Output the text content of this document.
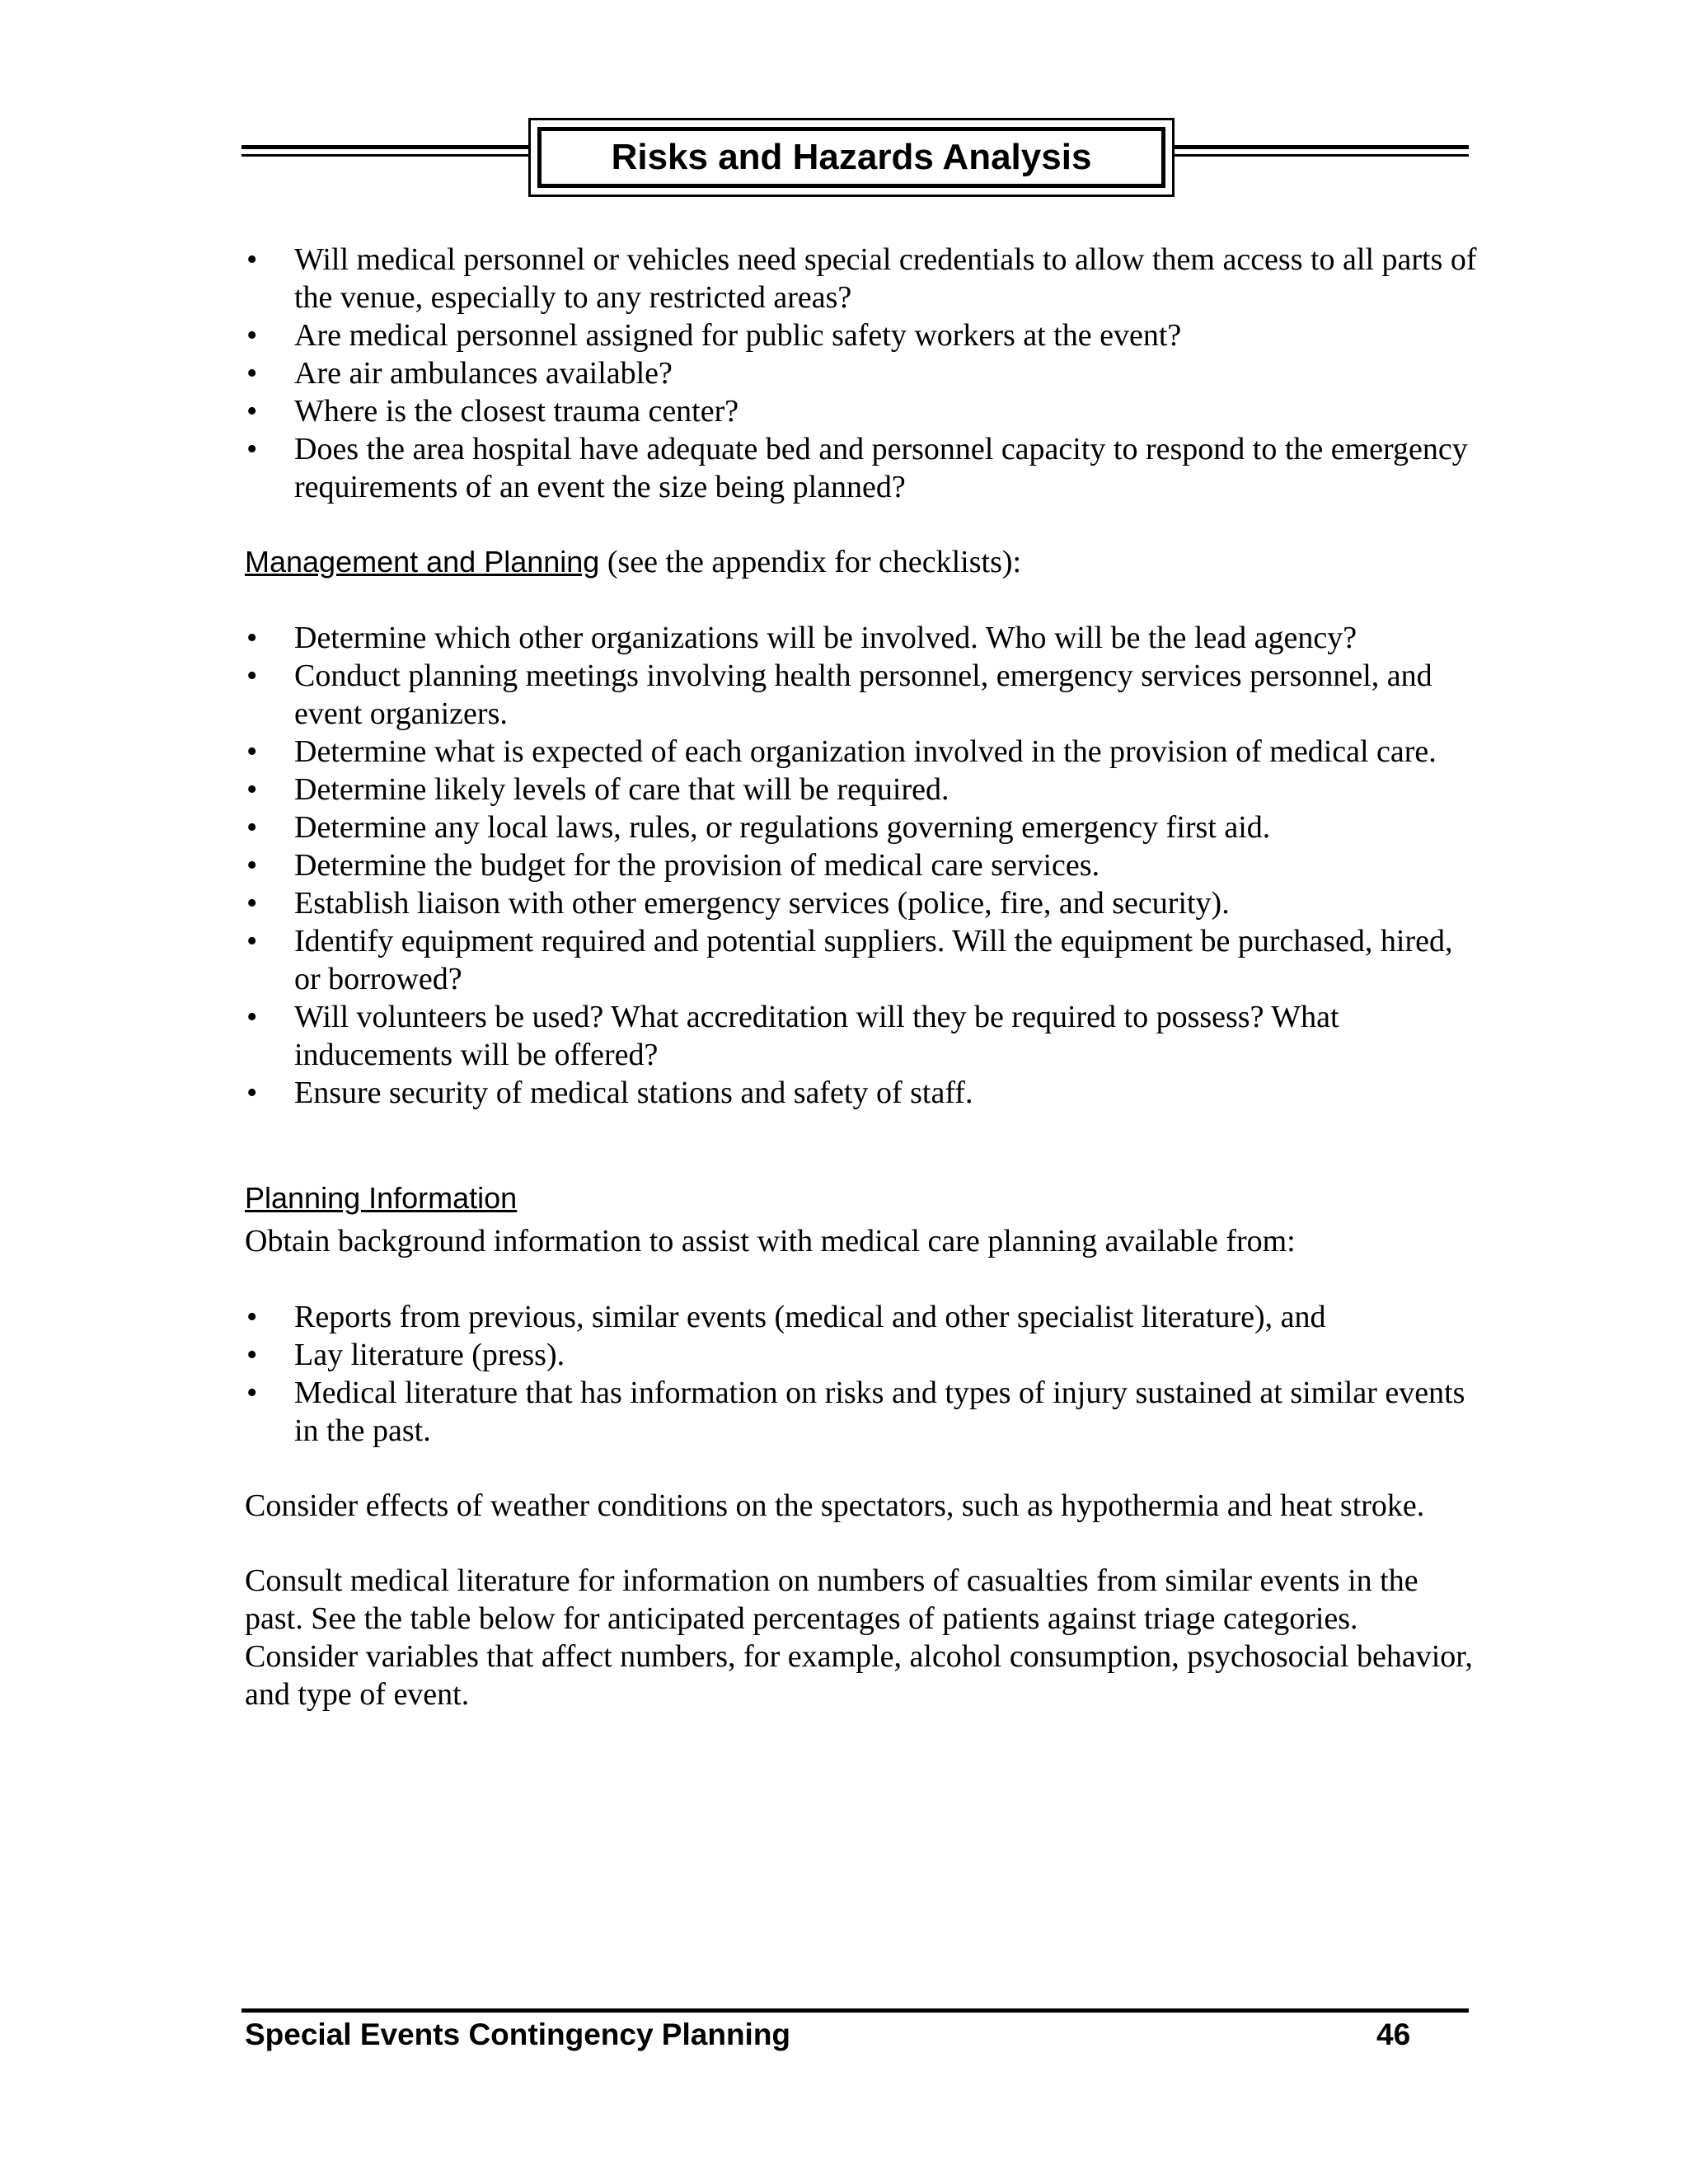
Risks and Hazards Analysis
• Will medical personnel or vehicles need special credentials to allow them access to all parts of the venue, especially to any restricted areas?
• Are medical personnel assigned for public safety workers at the event?
• Are air ambulances available?
• Where is the closest trauma center?
• Does the area hospital have adequate bed and personnel capacity to respond to the emergency requirements of an event the size being planned?

Management and Planning (see the appendix for checklists):

• Determine which other organizations will be involved. Who will be the lead agency?
• Conduct planning meetings involving health personnel, emergency services personnel, and event organizers.
• Determine what is expected of each organization involved in the provision of medical care.
• Determine likely levels of care that will be required.
• Determine any local laws, rules, or regulations governing emergency first aid.
• Determine the budget for the provision of medical care services.
• Establish liaison with other emergency services (police, fire, and security).
• Identify equipment required and potential suppliers. Will the equipment be purchased, hired, or borrowed?
• Will volunteers be used? What accreditation will they be required to possess? What inducements will be offered?
• Ensure security of medical stations and safety of staff.

Planning Information

Obtain background information to assist with medical care planning available from:

• Reports from previous, similar events (medical and other specialist literature), and
• Lay literature (press).
• Medical literature that has information on risks and types of injury sustained at similar events in the past.

Consider effects of weather conditions on the spectators, such as hypothermia and heat stroke.

Consult medical literature for information on numbers of casualties from similar events in the past. See the table below for anticipated percentages of patients against triage categories. Consider variables that affect numbers, for example, alcohol consumption, psychosocial behavior, and type of event.

Special Events Contingency Planning	46
